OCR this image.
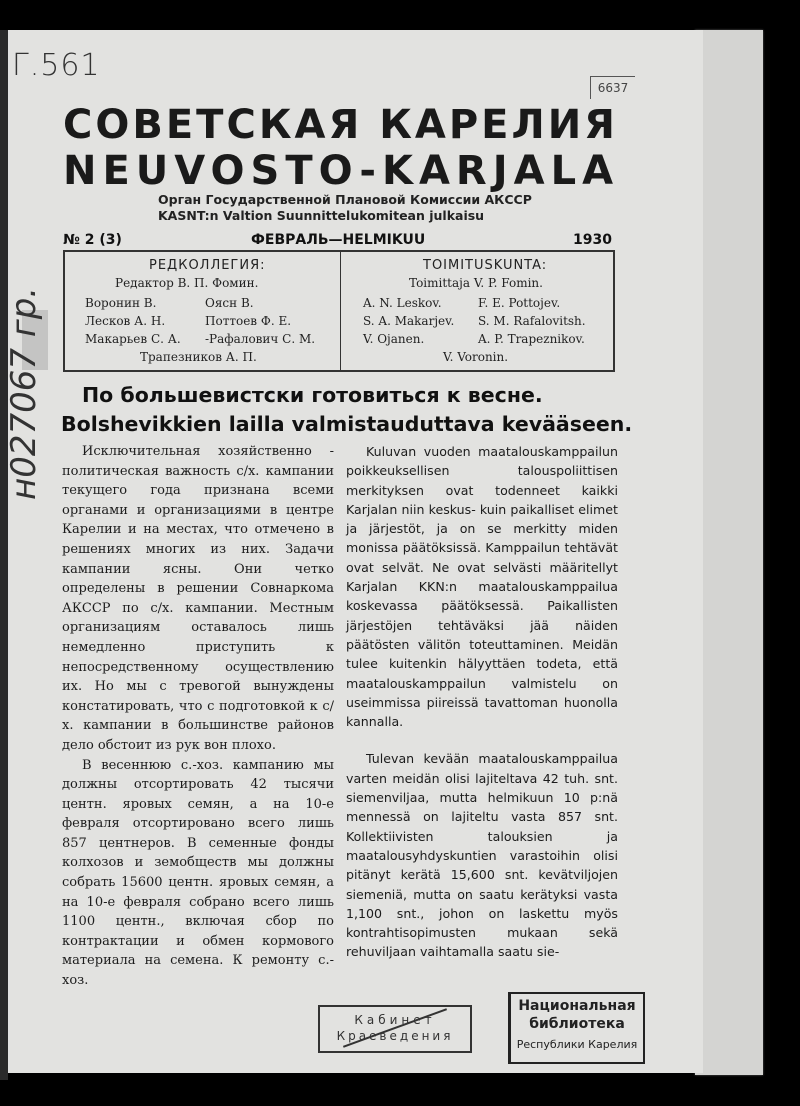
Г.561
6637
н027067 гр.
СОВЕТСКАЯ КАРЕЛИЯ
NEUVOSTO-KARJALA
Орган Государственной Плановой Комиссии АКССР
KASNT:n Valtion Suunnittelukomitean julkaisu
№ 2 (3)	ФЕВРАЛЬ—HELMIKUU	1930
РЕДКОЛЛЕГИЯ:
Редактор В. П. Фомин.
Воронин В.
Лесков А. Н.
Макарьев С. А.
Оясн В.
Поттоев Ф. Е.
-Рафалович С. М.
Трапезников А. П.
TOIMITUSKUNTA:
Toimittaja V. P. Fomin.
A. N. Leskov.
S. A. Makarjev.
V. Ojanen.
F. E. Pottojev.
S. M. Rafalovitsh.
A. P. Trapeznikov.
V. Voronin.
По большевистски готовиться к весне.
Bolshevikkien lailla valmistauduttava kevääseen.

Исключительная хозяйственно - политическая важность с/х. кампании текущего года признана всеми органами и организациями в центре Карелии и на местах, что отмечено в решениях многих из них. Задачи кампании ясны. Они четко определены в решении Совнаркома АКССР по с/х. кампании. Местным организациям оставалось лишь немедленно приступить к непосредственному осуществлению их. Но мы с тревогой вынуждены констатировать, что с подготовкой к с/х. кампании в большинстве районов дело обстоит из рук вон плохо.

В весеннюю с.-хоз. кампанию мы должны отсортировать 42 тысячи центн. яровых семян, а на 10-е февраля отсортировано всего лишь 857 центнеров. В семенные фонды колхозов и земобществ мы должны собрать 15600 центн. яровых семян, а на 10-е февраля собрано всего лишь 1100 центн., включая сбор по контрактации и обмен кормового материала на семена. К ремонту с.-хоз.

Kuluvan vuoden maatalouskamppailun poikkeuksellisen talouspoliittisen merkityksen ovat todenneet kaikki Karjalan niin keskus- kuin paikalliset elimet ja järjestöt, ja on se merkitty miden monissa päätöksissä. Kamppailun tehtävät ovat selvät. Ne ovat selvästi määritellyt Karjalan KKN:n maatalouskamppailua koskevassa päätöksessä. Paikallisten järjestöjen tehtäväksi jää näiden päätösten välitön toteuttaminen. Meidän tulee kuitenkin hälyyttäen todeta, että maatalouskamppailun valmistelu on useimmissa piireissä tavattoman huonolla kannalla.

Tulevan kevään maatalouskamppailua varten meidän olisi lajiteltava 42 tuh. snt. siemenviljaa, mutta helmikuun 10 p:nä mennessä on lajiteltu vasta 857 snt. Kollektiivisten talouksien ja maatalousyhdyskuntien varastoihin olisi pitänyt kerätä 15,600 snt. kevätviljojen siemeniä, mutta on saatu kerätyksi vasta 1,100 snt., johon on laskettu myös kontrahtisopimusten mukaan sekä rehuviljaan vaihtamalla saatu sie-

Кабинет
Краеведения
Национальная
библиотека
Республики Карелия
